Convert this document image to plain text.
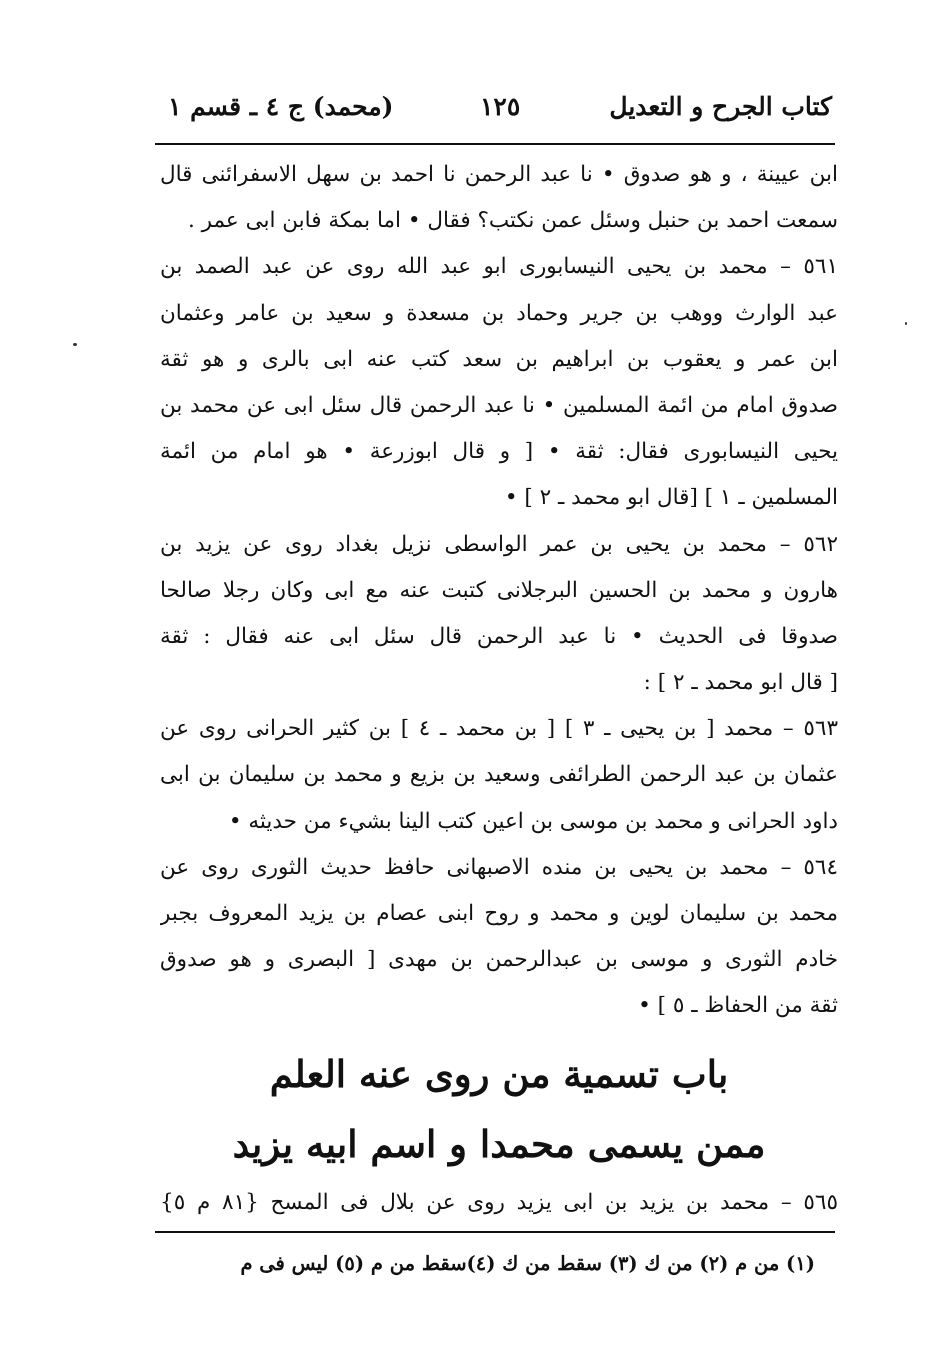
كتاب الجرح و التعديل
١٢٥
(محمد) ج ٤ ـ قسم ١
ابن عيينة ، و هو صدوق • نا عبد الرحمن نا احمد بن سهل الاسفرائنى قال
سمعت احمد بن حنبل وسئل عمن نكتب؟ فقال • اما بمكة فابن ابى عمر .
٥٦١ – محمد بن يحيى النيسابورى ابو عبد الله روى عن عبد الصمد بن
عبد الوارث ووهب بن جرير وحماد بن مسعدة و سعيد بن عامر وعثمان
ابن عمر و يعقوب بن ابراهيم بن سعد كتب عنه ابى بالرى و هو ثقة
صدوق امام من ائمة المسلمين • نا عبد الرحمن قال سئل ابى عن محمد بن
يحيى النيسابورى فقال: ثقة • [ و قال ابوزرعة • هو امام من ائمة
المسلمين ـ ١ ] [قال ابو محمد ـ ٢ ] •
٥٦٢ – محمد بن يحيى بن عمر الواسطى نزيل بغداد روى عن يزيد بن
هارون و محمد بن الحسين البرجلانى كتبت عنه مع ابى وكان رجلا صالحا
صدوقا فى الحديث • نا عبد الرحمن قال سئل ابى عنه فقال : ثقة
[ قال ابو محمد ـ ٢ ] :
٥٦٣ – محمد [ بن يحيى ـ ٣ ] [ بن محمد ـ ٤ ] بن كثير الحرانى روى عن
عثمان بن عبد الرحمن الطرائفى وسعيد بن بزيع و محمد بن سليمان بن ابى
داود الحرانى و محمد بن موسى بن اعين كتب الينا بشيء من حديثه •
٥٦٤ – محمد بن يحيى بن منده الاصبهانى حافظ حديث الثورى روى عن
محمد بن سليمان لوين و محمد و روح ابنى عصام بن يزيد المعروف بجبر
خادم الثورى و موسى بن عبدالرحمن بن مهدى [ البصرى و هو صدوق
ثقة من الحفاظ ـ ٥ ] •
باب تسمية من روى عنه العلم
ممن يسمى محمدا و اسم ابيه يزيد
٥٦٥ – محمد بن يزيد بن ابى يزيد روى عن بلال فى المسح {٨١ م ٥}
(١) من م (٢) من ك (٣) سقط من ك (٤)سقط من م (٥) ليس فى م
